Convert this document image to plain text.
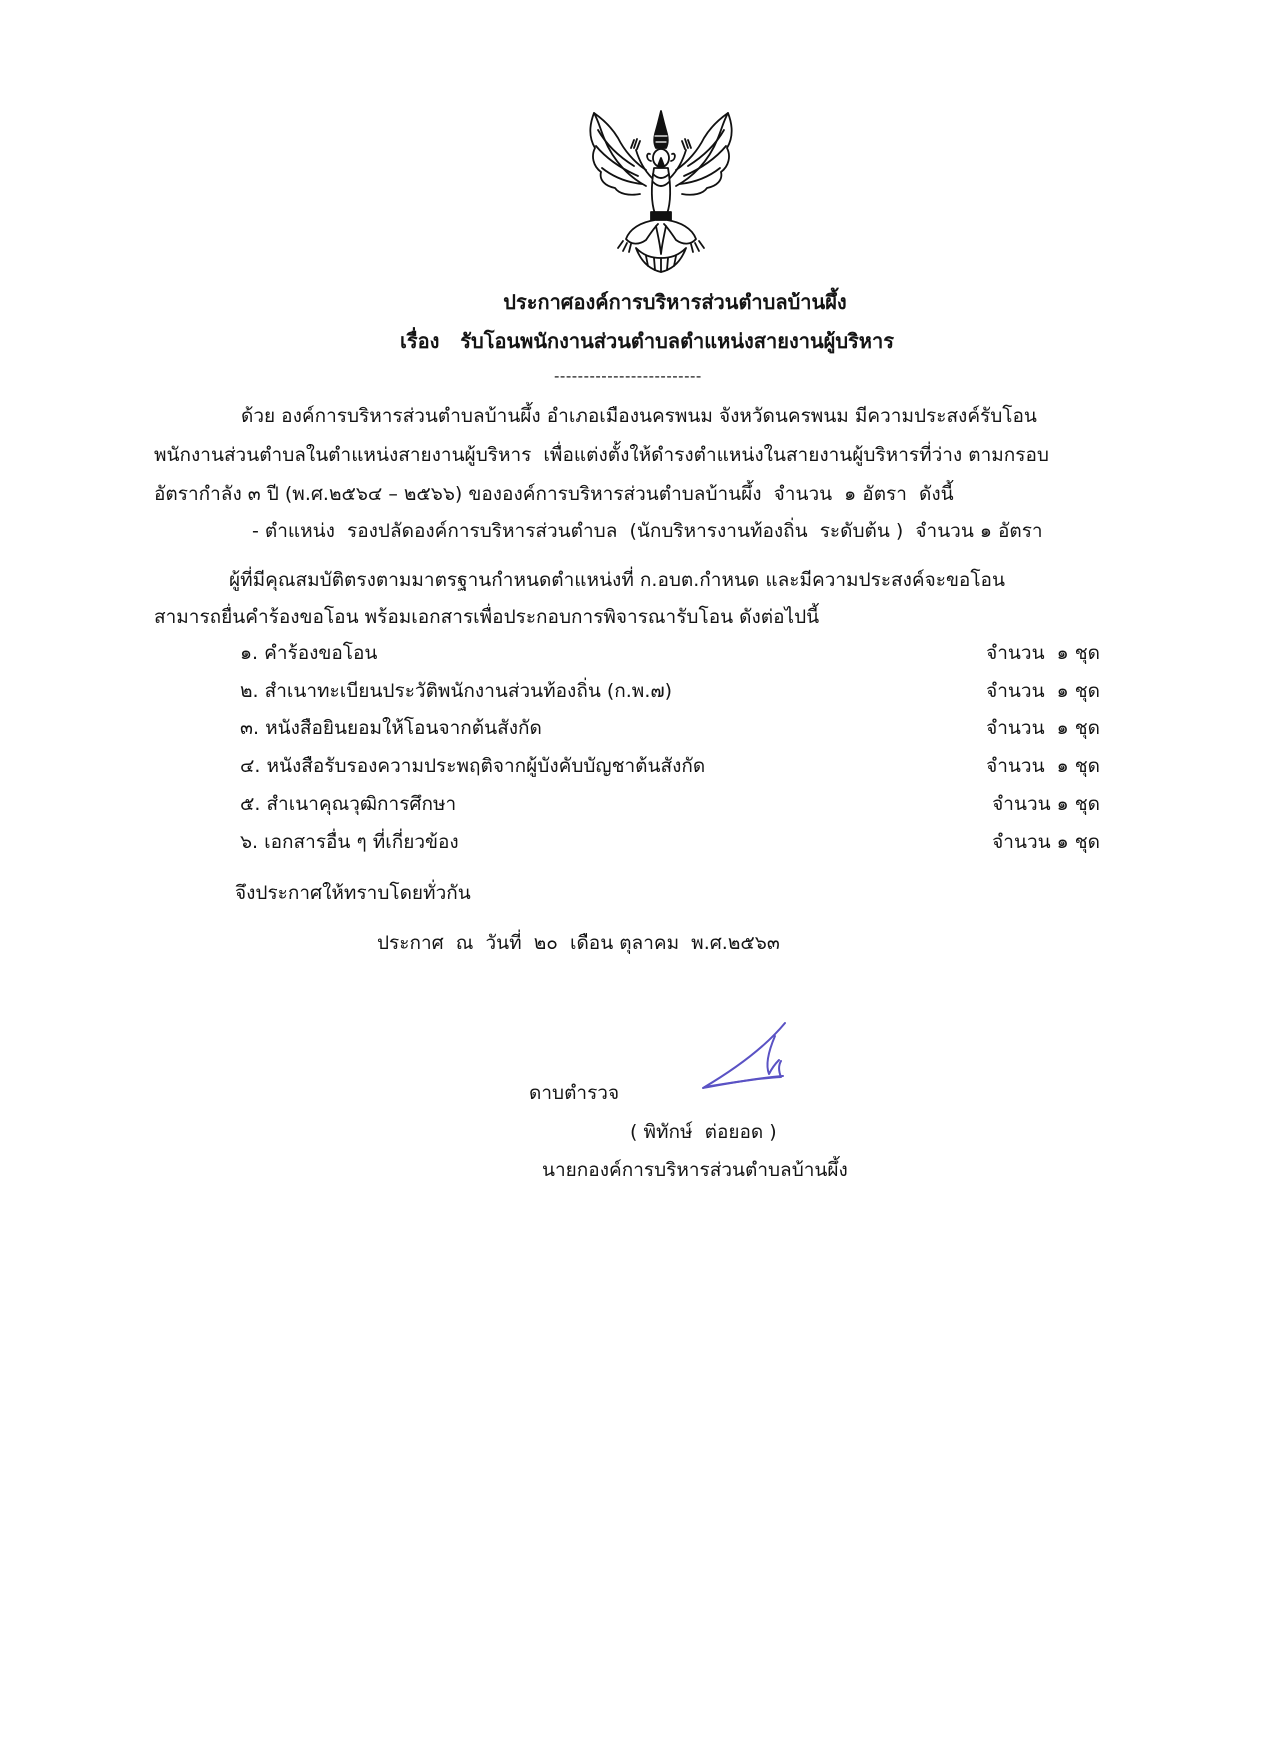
ประกาศองค์การบริหารส่วนตำบลบ้านผึ้ง
เรื่อง   รับโอนพนักงานส่วนตำบลตำแหน่งสายงานผู้บริหาร
-------------------------
ด้วย องค์การบริหารส่วนตำบลบ้านผึ้ง อำเภอเมืองนครพนม จังหวัดนครพนม มีความประสงค์รับโอน
พนักงานส่วนตำบลในตำแหน่งสายงานผู้บริหาร  เพื่อแต่งตั้งให้ดำรงตำแหน่งในสายงานผู้บริหารที่ว่าง ตามกรอบ
อัตรากำลัง ๓ ปี (พ.ศ.๒๕๖๔ – ๒๕๖๖) ขององค์การบริหารส่วนตำบลบ้านผึ้ง  จำนวน  ๑ อัตรา  ดังนี้
- ตำแหน่ง  รองปลัดองค์การบริหารส่วนตำบล  (นักบริหารงานท้องถิ่น  ระดับต้น )  จำนวน ๑ อัตรา
ผู้ที่มีคุณสมบัติตรงตามมาตรฐานกำหนดตำแหน่งที่ ก.อบต.กำหนด และมีความประสงค์จะขอโอน
สามารถยื่นคำร้องขอโอน พร้อมเอกสารเพื่อประกอบการพิจารณารับโอน ดังต่อไปนี้
๑. คำร้องขอโอน	จำนวน  ๑ ชุด
๒. สำเนาทะเบียนประวัติพนักงานส่วนท้องถิ่น (ก.พ.๗)	จำนวน  ๑ ชุด
๓. หนังสือยินยอมให้โอนจากต้นสังกัด	จำนวน  ๑ ชุด
๔. หนังสือรับรองความประพฤติจากผู้บังคับบัญชาต้นสังกัด	จำนวน  ๑ ชุด
๕. สำเนาคุณวุฒิการศึกษา	จำนวน ๑ ชุด
๖. เอกสารอื่น ๆ ที่เกี่ยวข้อง	จำนวน ๑ ชุด
จึงประกาศให้ทราบโดยทั่วกัน
ประกาศ  ณ  วันที่  ๒๐  เดือน ตุลาคม  พ.ศ.๒๕๖๓
ดาบตำรวจ
( พิทักษ์  ต่อยอด )
นายกองค์การบริหารส่วนตำบลบ้านผึ้ง
